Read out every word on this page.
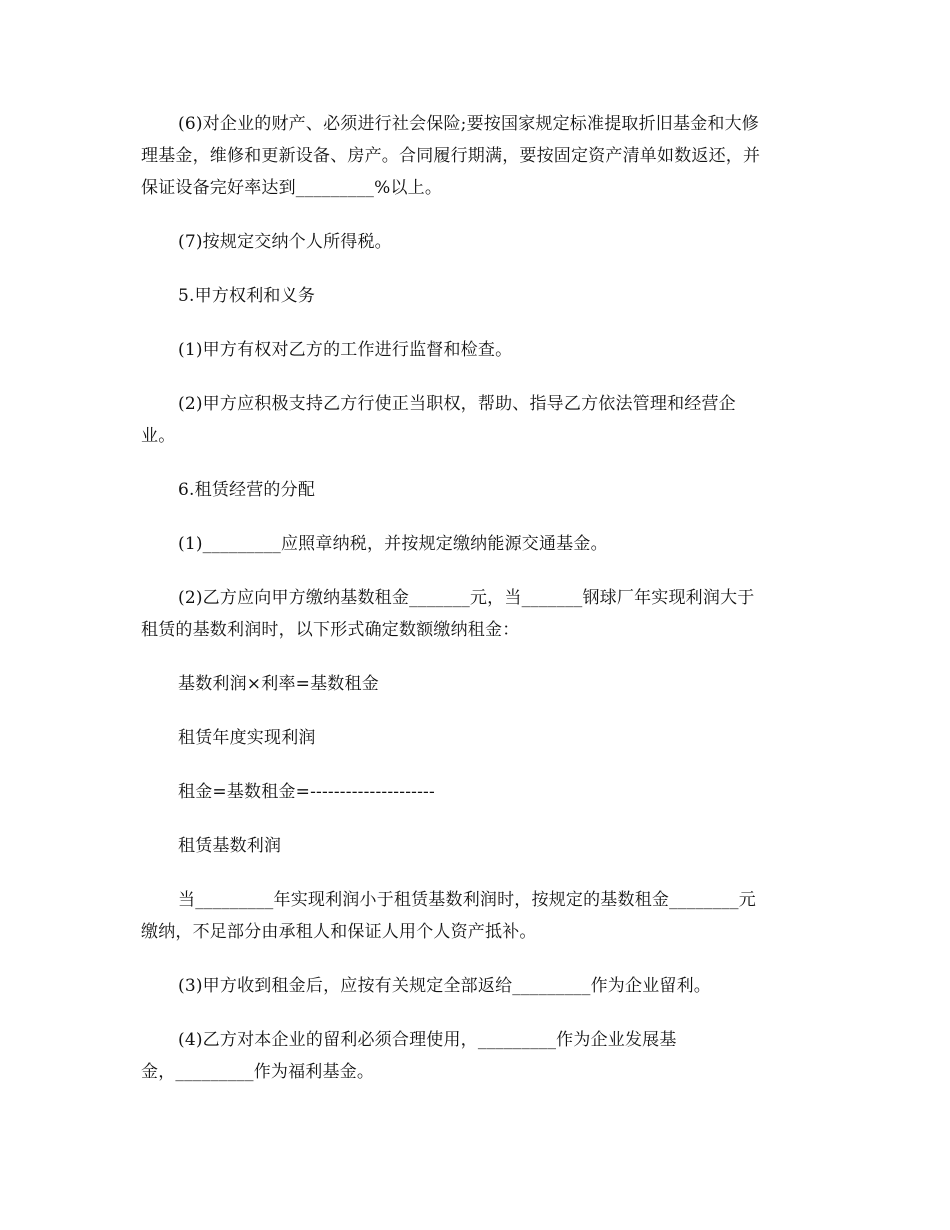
(6)对企业的财产、必须进行社会保险;要按国家规定标准提取折旧基金和大修
理基金，维修和更新设备、房产。合同履行期满，要按固定资产清单如数返还，并
保证设备完好率达到_________%以上。
(7)按规定交纳个人所得税。
5.甲方权利和义务
(1)甲方有权对乙方的工作进行监督和检查。
(2)甲方应积极支持乙方行使正当职权，帮助、指导乙方依法管理和经营企
业。
6.租赁经营的分配
(1)_________应照章纳税，并按规定缴纳能源交通基金。
(2)乙方应向甲方缴纳基数租金_______元，当_______钢球厂年实现利润大于
租赁的基数利润时，以下形式确定数额缴纳租金：
基数利润×利率=基数租金
租赁年度实现利润
租金=基数租金=---------------------
租赁基数利润
当_________年实现利润小于租赁基数利润时，按规定的基数租金________元
缴纳，不足部分由承租人和保证人用个人资产抵补。
(3)甲方收到租金后，应按有关规定全部返给_________作为企业留利。
(4)乙方对本企业的留利必须合理使用，_________作为企业发展基
金，_________作为福利基金。
